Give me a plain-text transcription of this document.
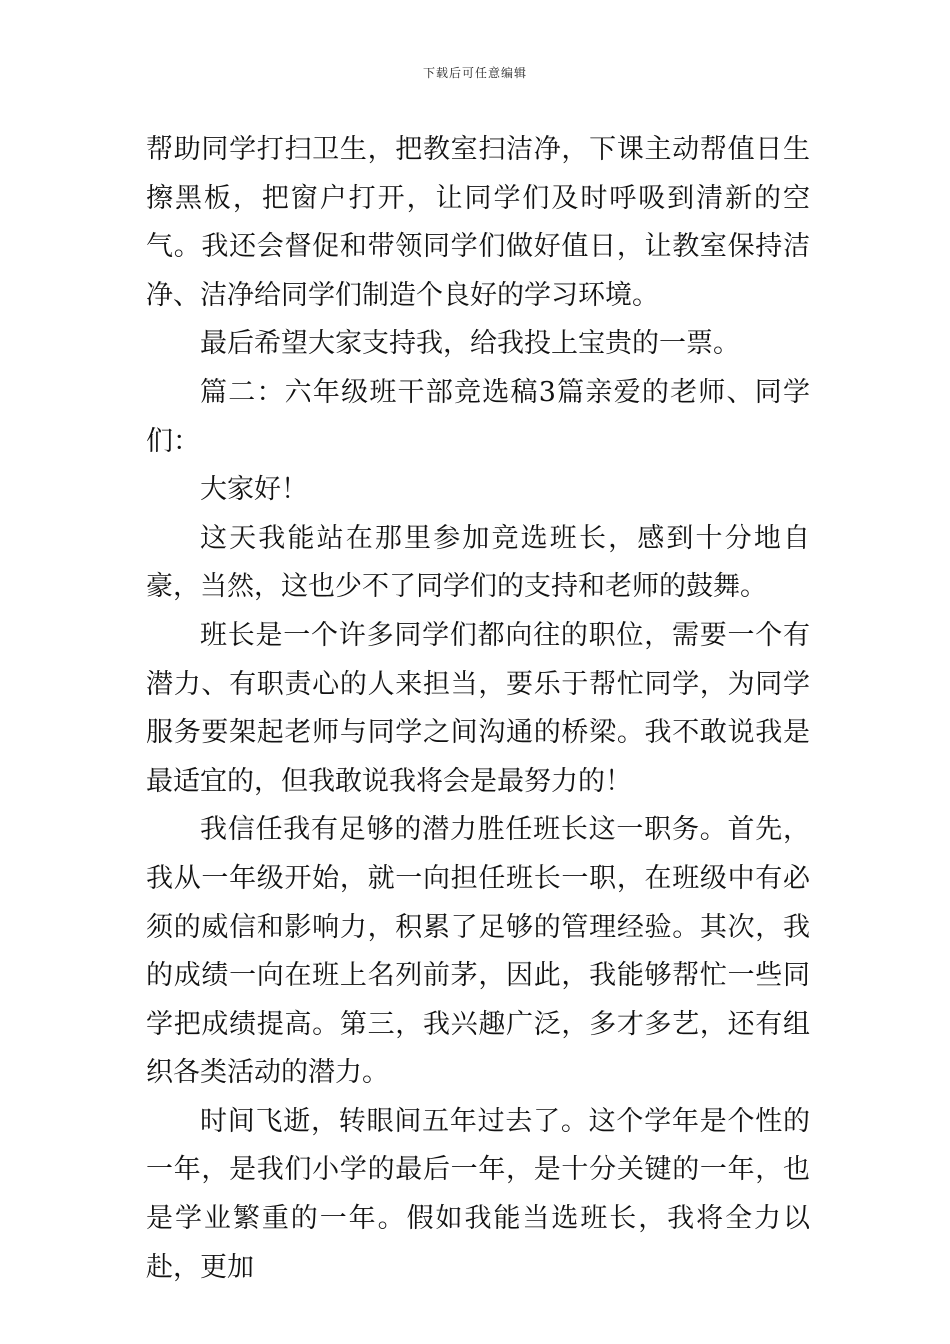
下载后可任意编辑

帮助同学打扫卫生，把教室扫洁净，下课主动帮值日生擦黑板，把窗户打开，让同学们及时呼吸到清新的空气。我还会督促和带领同学们做好值日，让教室保持洁净、洁净给同学们制造个良好的学习环境。

最后希望大家支持我，给我投上宝贵的一票。

篇二：六年级班干部竞选稿3篇亲爱的老师、同学们：

大家好！

这天我能站在那里参加竞选班长，感到十分地自豪，当然，这也少不了同学们的支持和老师的鼓舞。

班长是一个许多同学们都向往的职位，需要一个有潜力、有职责心的人来担当，要乐于帮忙同学，为同学服务要架起老师与同学之间沟通的桥梁。我不敢说我是最适宜的，但我敢说我将会是最努力的！

我信任我有足够的潜力胜任班长这一职务。首先，我从一年级开始，就一向担任班长一职，在班级中有必须的威信和影响力，积累了足够的管理经验。其次，我的成绩一向在班上名列前茅，因此，我能够帮忙一些同学把成绩提高。第三，我兴趣广泛，多才多艺，还有组织各类活动的潜力。

时间飞逝，转眼间五年过去了。这个学年是个性的一年，是我们小学的最后一年，是十分关键的一年，也是学业繁重的一年。假如我能当选班长，我将全力以赴，更加
